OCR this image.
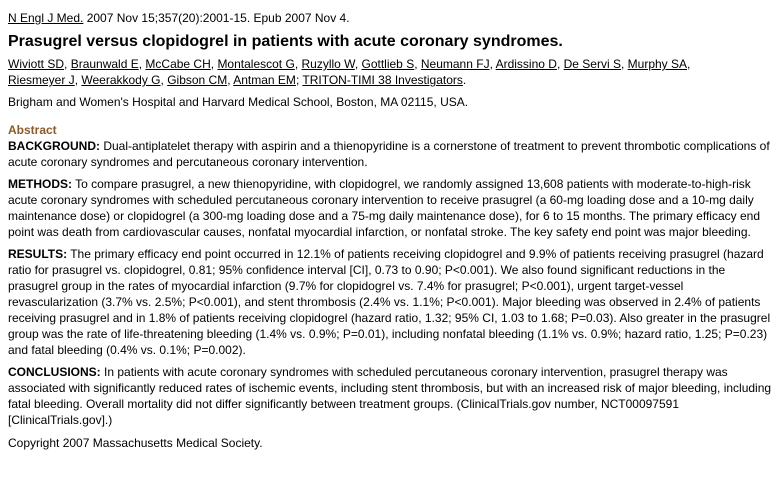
N Engl J Med. 2007 Nov 15;357(20):2001-15. Epub 2007 Nov 4.

Prasugrel versus clopidogrel in patients with acute coronary syndromes.

Wiviott SD, Braunwald E, McCabe CH, Montalescot G, Ruzyllo W, Gottlieb S, Neumann FJ, Ardissino D, De Servi S, Murphy SA,
Riesmeyer J, Weerakkody G, Gibson CM, Antman EM; TRITON-TIMI 38 Investigators.

Brigham and Women's Hospital and Harvard Medical School, Boston, MA 02115, USA.

Abstract

BACKGROUND: Dual-antiplatelet therapy with aspirin and a thienopyridine is a cornerstone of treatment to prevent thrombotic complications of acute coronary syndromes and percutaneous coronary intervention.

METHODS: To compare prasugrel, a new thienopyridine, with clopidogrel, we randomly assigned 13,608 patients with moderate-to-high-risk acute coronary syndromes with scheduled percutaneous coronary intervention to receive prasugrel (a 60-mg loading dose and a 10-mg daily maintenance dose) or clopidogrel (a 300-mg loading dose and a 75-mg daily maintenance dose), for 6 to 15 months. The primary efficacy end point was death from cardiovascular causes, nonfatal myocardial infarction, or nonfatal stroke. The key safety end point was major bleeding.

RESULTS: The primary efficacy end point occurred in 12.1% of patients receiving clopidogrel and 9.9% of patients receiving prasugrel (hazard ratio for prasugrel vs. clopidogrel, 0.81; 95% confidence interval [CI], 0.73 to 0.90; P<0.001). We also found significant reductions in the prasugrel group in the rates of myocardial infarction (9.7% for clopidogrel vs. 7.4% for prasugrel; P<0.001), urgent target-vessel revascularization (3.7% vs. 2.5%; P<0.001), and stent thrombosis (2.4% vs. 1.1%; P<0.001). Major bleeding was observed in 2.4% of patients receiving prasugrel and in 1.8% of patients receiving clopidogrel (hazard ratio, 1.32; 95% CI, 1.03 to 1.68; P=0.03). Also greater in the prasugrel group was the rate of life-threatening bleeding (1.4% vs. 0.9%; P=0.01), including nonfatal bleeding (1.1% vs. 0.9%; hazard ratio, 1.25; P=0.23) and fatal bleeding (0.4% vs. 0.1%; P=0.002).

CONCLUSIONS: In patients with acute coronary syndromes with scheduled percutaneous coronary intervention, prasugrel therapy was associated with significantly reduced rates of ischemic events, including stent thrombosis, but with an increased risk of major bleeding, including fatal bleeding. Overall mortality did not differ significantly between treatment groups. (ClinicalTrials.gov number, NCT00097591 [ClinicalTrials.gov].)

Copyright 2007 Massachusetts Medical Society.
